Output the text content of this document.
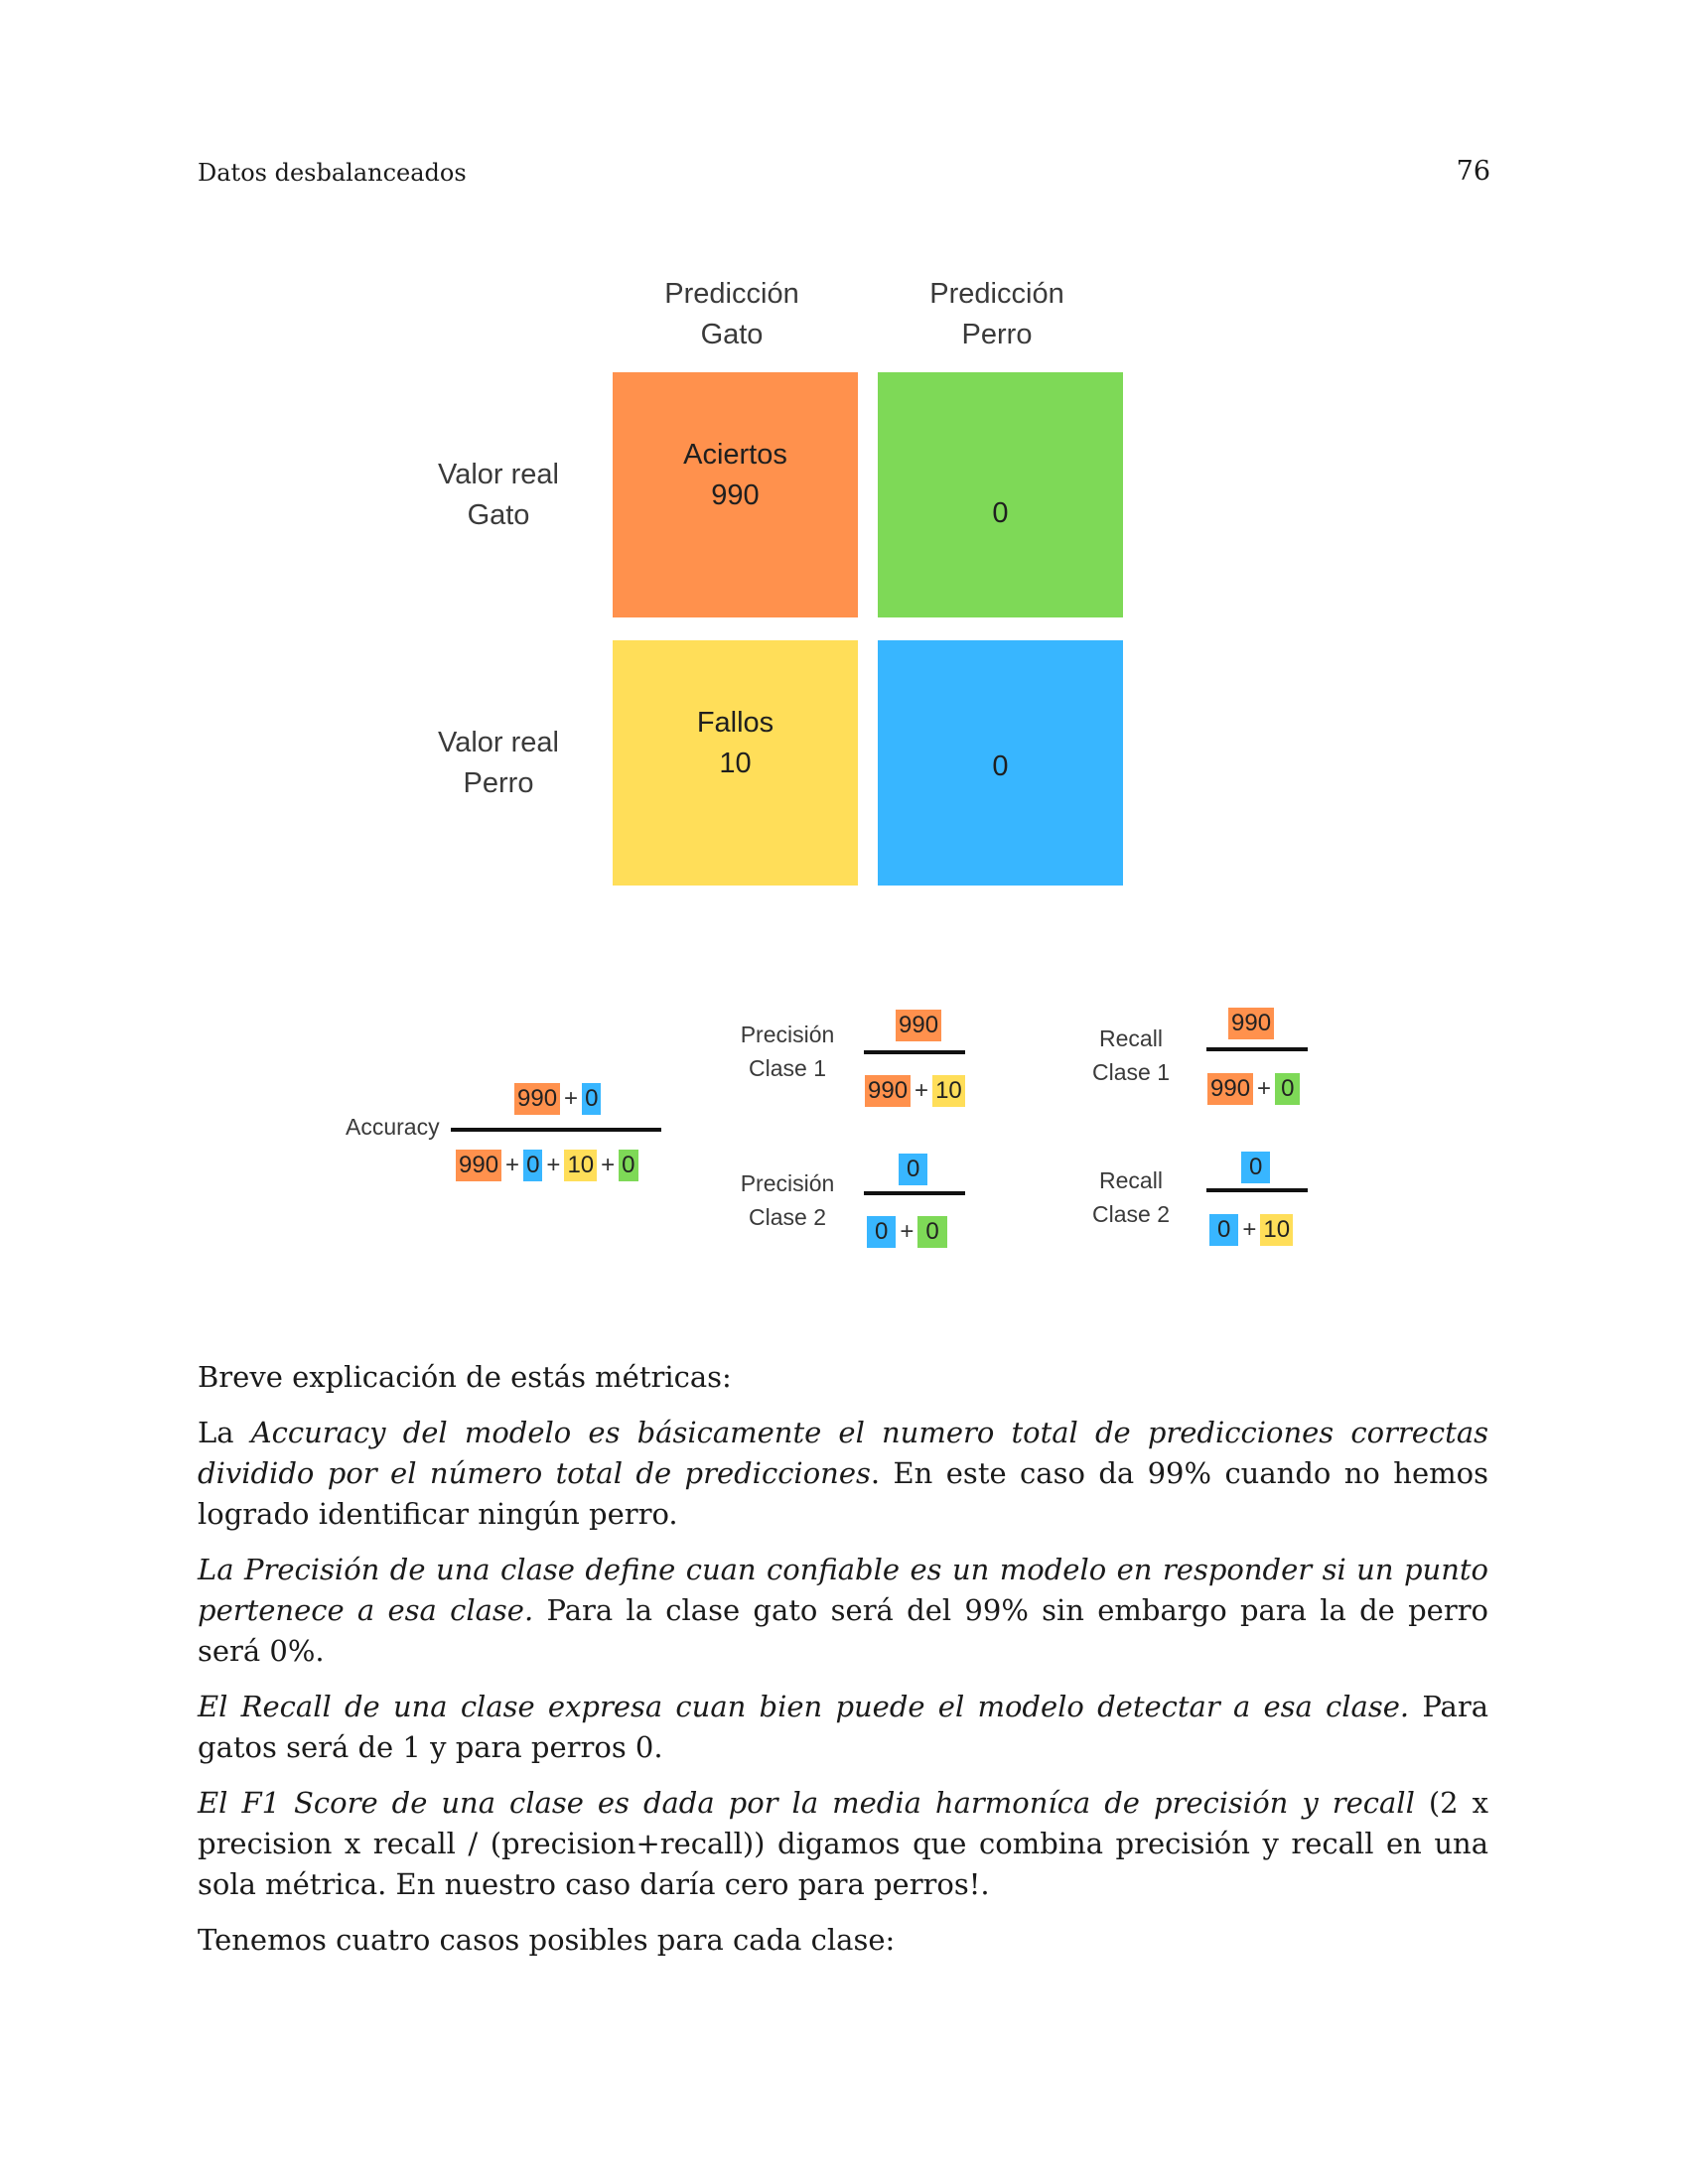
Datos desbalanceados	76
Predicción
Gato
Predicción
Perro
Valor real
Gato
Valor real
Perro
Aciertos
990
0
Fallos
10	0
Accuracy
990 + 0
990 + 0 + 10 + 0
Precisión
Clase 1
990
990 + 10
Precisión
Clase 2
0
0 + 0
Recall
Clase 1
990
990 + 0
Recall
Clase 2
0
0 + 10

Breve explicación de estás métricas:

La Accuracy del modelo es básicamente el numero total de predicciones correctas dividido por el número total de predicciones. En este caso da 99% cuando no hemos logrado identificar ningún perro.

La Precisión de una clase define cuan confiable es un modelo en responder si un punto pertenece a esa clase. Para la clase gato será del 99% sin embargo para la de perro será 0%.

El Recall de una clase expresa cuan bien puede el modelo detectar a esa clase. Para gatos será de 1 y para perros 0.

El F1 Score de una clase es dada por la media harmoníca de precisión y recall (2 x precision x recall / (precision+recall)) digamos que combina precisión y recall en una sola métrica. En nuestro caso daría cero para perros!.

Tenemos cuatro casos posibles para cada clase:
